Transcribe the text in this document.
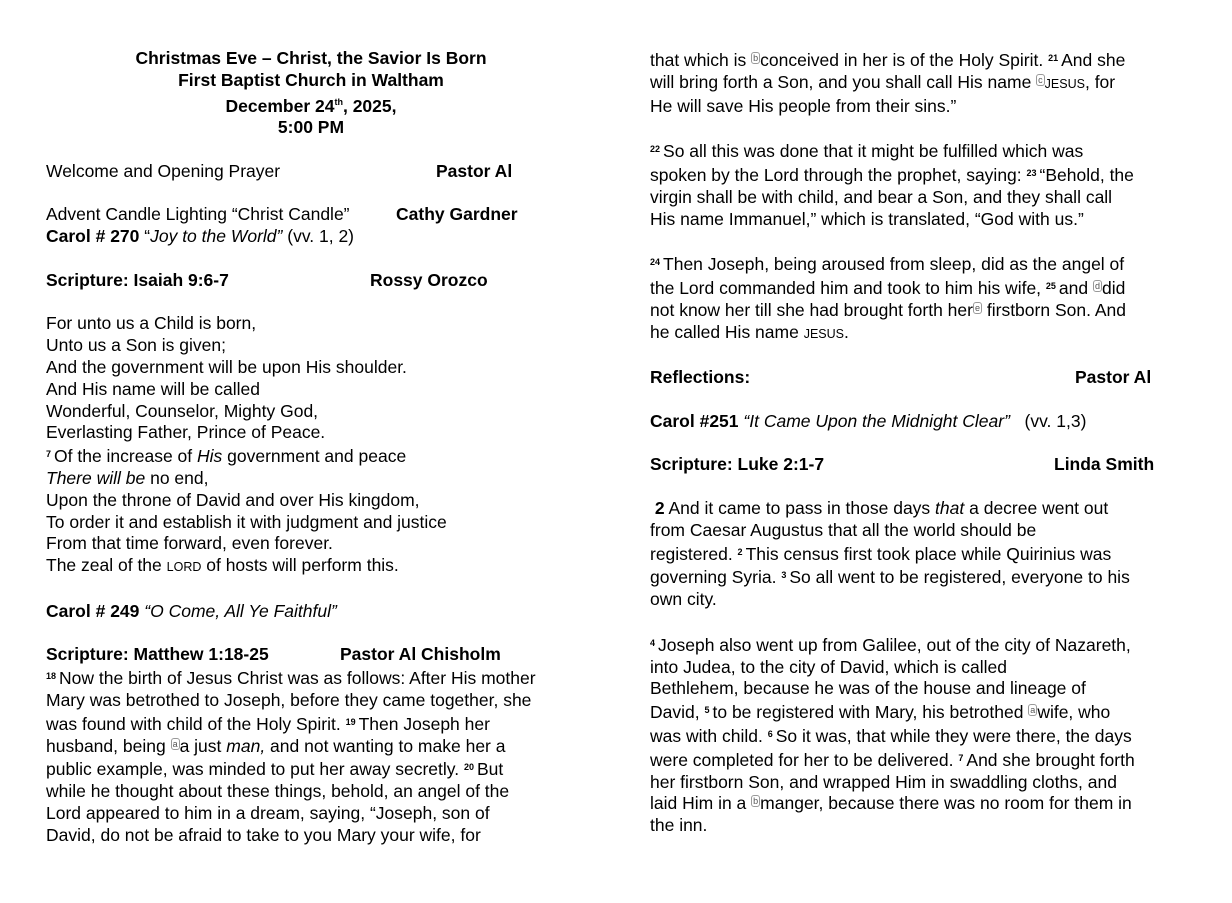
Christmas Eve – Christ, the Savior Is Born
First Baptist Church in Waltham
December 24th, 2025,
5:00 PM
Welcome and Opening Prayer	Pastor Al
Advent Candle Lighting “Christ Candle”	Cathy Gardner
Carol # 270 “Joy to the World” (vv. 1, 2)
Scripture: Isaiah 9:6-7	Rossy Orozco
For unto us a Child is born,
Unto us a Son is given;
And the government will be upon His shoulder.
And His name will be called
Wonderful, Counselor, Mighty God,
Everlasting Father, Prince of Peace.
$^7$ Of the increase of His government and peace
There will be no end,
Upon the throne of David and over His kingdom,
To order it and establish it with judgment and justice
From that time forward, even forever.
The zeal of the LORD of hosts will perform this.
Carol # 249 “O Come, All Ye Faithful”
Scripture: Matthew 1:18-25	Pastor Al Chisholm
$^{18}$ Now the birth of Jesus Christ was as follows: After His mother
Mary was betrothed to Joseph, before they came together, she
was found with child of the Holy Spirit. $^{19}$ Then Joseph her
husband, being $^a$ a just man, and not wanting to make her a
public example, was minded to put her away secretly. $^{20}$ But
while he thought about these things, behold, an angel of the
Lord appeared to him in a dream, saying, “Joseph, son of
David, do not be afraid to take to you Mary your wife, for
that which is $^b$ conceived in her is of the Holy Spirit. $^{21}$ And she
will bring forth a Son, and you shall call His name $^c$ JESUS, for
He will save His people from their sins.”
$^{22}$ So all this was done that it might be fulfilled which was
spoken by the Lord through the prophet, saying: $^{23}$ “Behold, the
virgin shall be with child, and bear a Son, and they shall call
His name Immanuel,” which is translated, “God with us.”
$^{24}$ Then Joseph, being aroused from sleep, did as the angel of
the Lord commanded him and took to him his wife, $^{25}$ and $^d$ did
not know her till she had brought forth her $^e$ firstborn Son. And
he called His name JESUS.
Reflections:	Pastor Al
Carol #251 “It Came Upon the Midnight Clear” (vv. 1,3)
Scripture: Luke 2:1-7	Linda Smith
2 And it came to pass in those days that a decree went out
from Caesar Augustus that all the world should be
registered. $^2$ This census first took place while Quirinius was
governing Syria. $^3$ So all went to be registered, everyone to his
own city.
$^4$ Joseph also went up from Galilee, out of the city of Nazareth,
into Judea, to the city of David, which is called
Bethlehem, because he was of the house and lineage of
David, $^5$ to be registered with Mary, his betrothed $^a$ wife, who
was with child. $^6$ So it was, that while they were there, the days
were completed for her to be delivered. $^7$ And she brought forth
her firstborn Son, and wrapped Him in swaddling cloths, and
laid Him in a $^b$ manger, because there was no room for them in
the inn.
